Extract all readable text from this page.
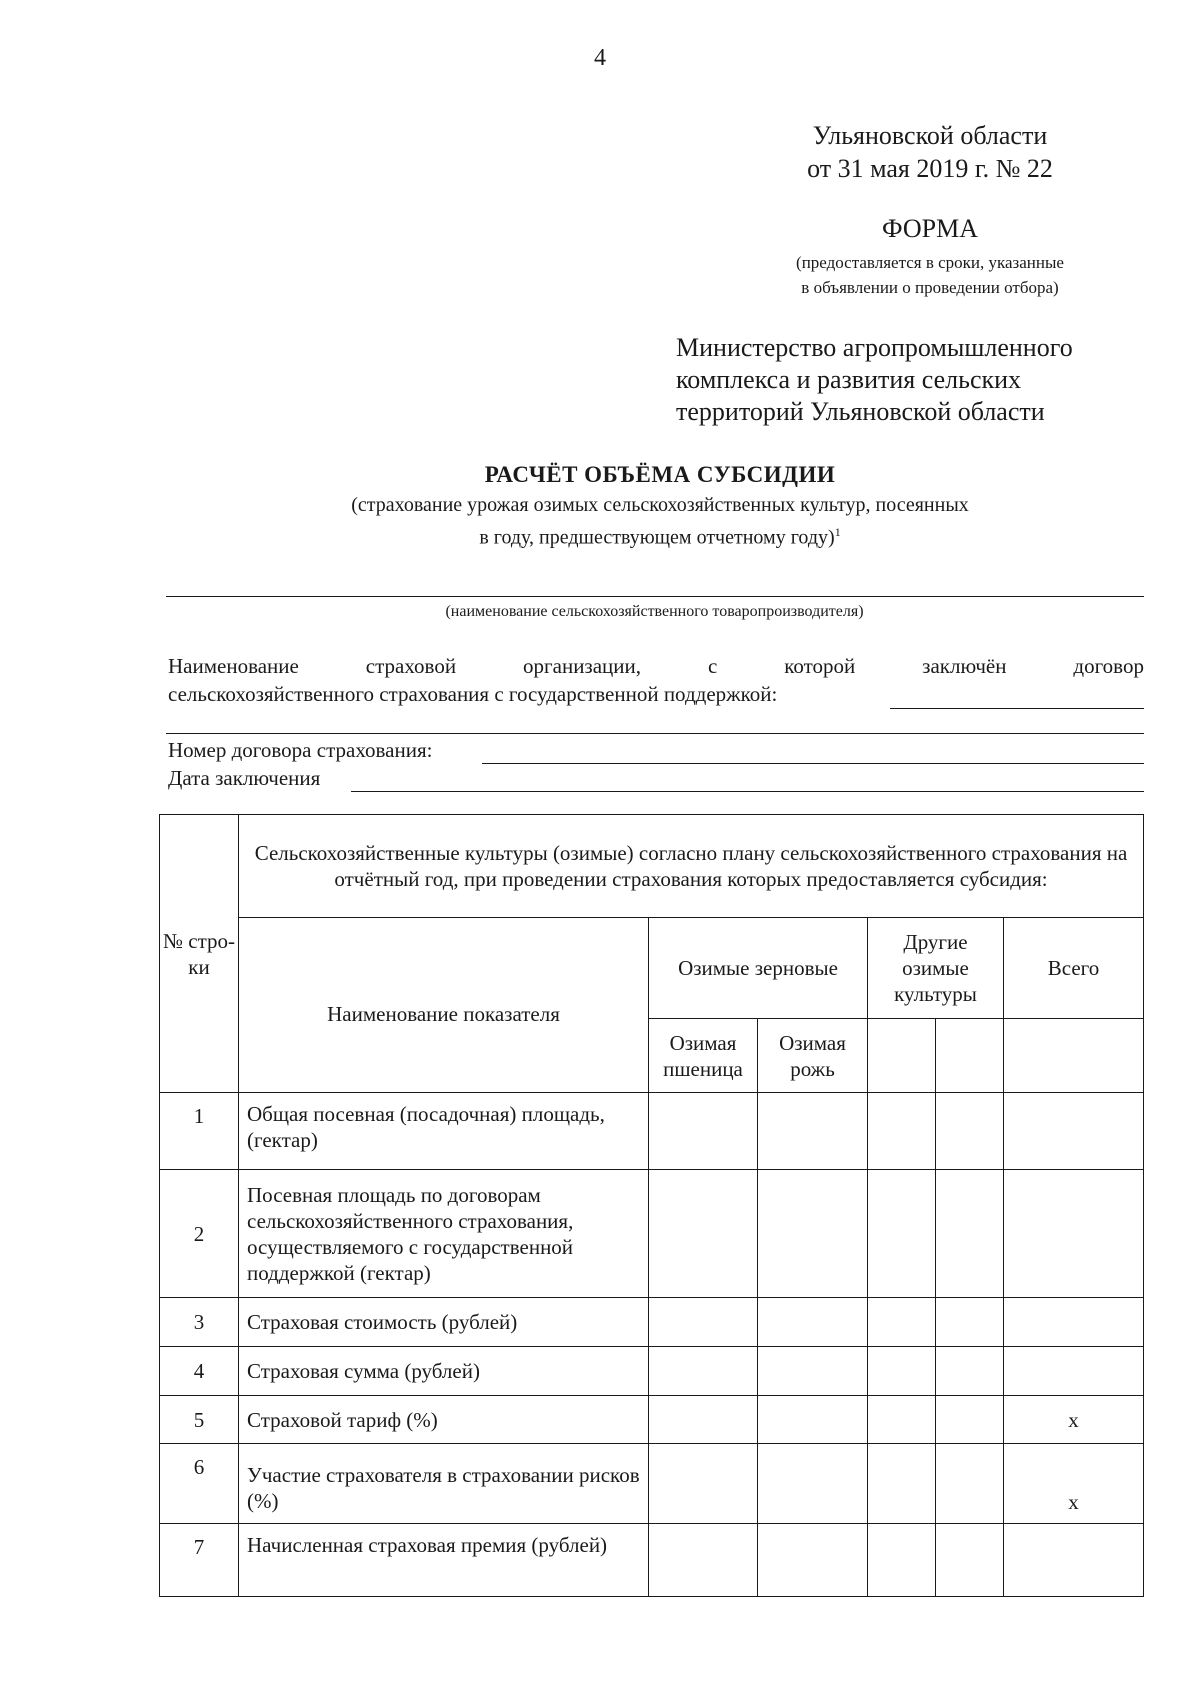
4
Ульяновской области
от 31 мая 2019 г. № 22
ФОРМА
(предоставляется в сроки, указанные
в объявлении о проведении отбора)
Министерство агропромышленного
комплекса и развития сельских
территорий Ульяновской области
РАСЧЁТ ОБЪЁМА СУБСИДИИ
(страхование урожая озимых сельскохозяйственных культур, посеянных
в году, предшествующем отчетному году)$^1$
(наименование сельскохозяйственного товаропроизводителя)
Наименование	страховой	организации,	с	которой	заключён	договор
сельскохозяйственного страхования с государственной поддержкой:
Номер договора страхования:
Дата заключения
№ стро- ки	Сельскохозяйственные культуры (озимые) согласно плану сельскохозяйственного страхования на отчётный год, при проведении страхования которых предоставляется субсидия:					
	Наименование показателя	Озимые зерновые		Другие озимые культуры		Всего
		Озимая пшеница	Озимая рожь			
1	Общая посевная (посадочная) площадь, (гектар)					
2	Посевная площадь по договорам сельскохозяйственного страхования, осуществляемого с государственной поддержкой (гектар)					
3	Страховая стоимость (рублей)					
4	Страховая сумма (рублей)					
5	Страховой тариф (%)					x
6	Участие страхователя в страховании рисков (%)					x
7	Начисленная страховая премия (рублей)					
